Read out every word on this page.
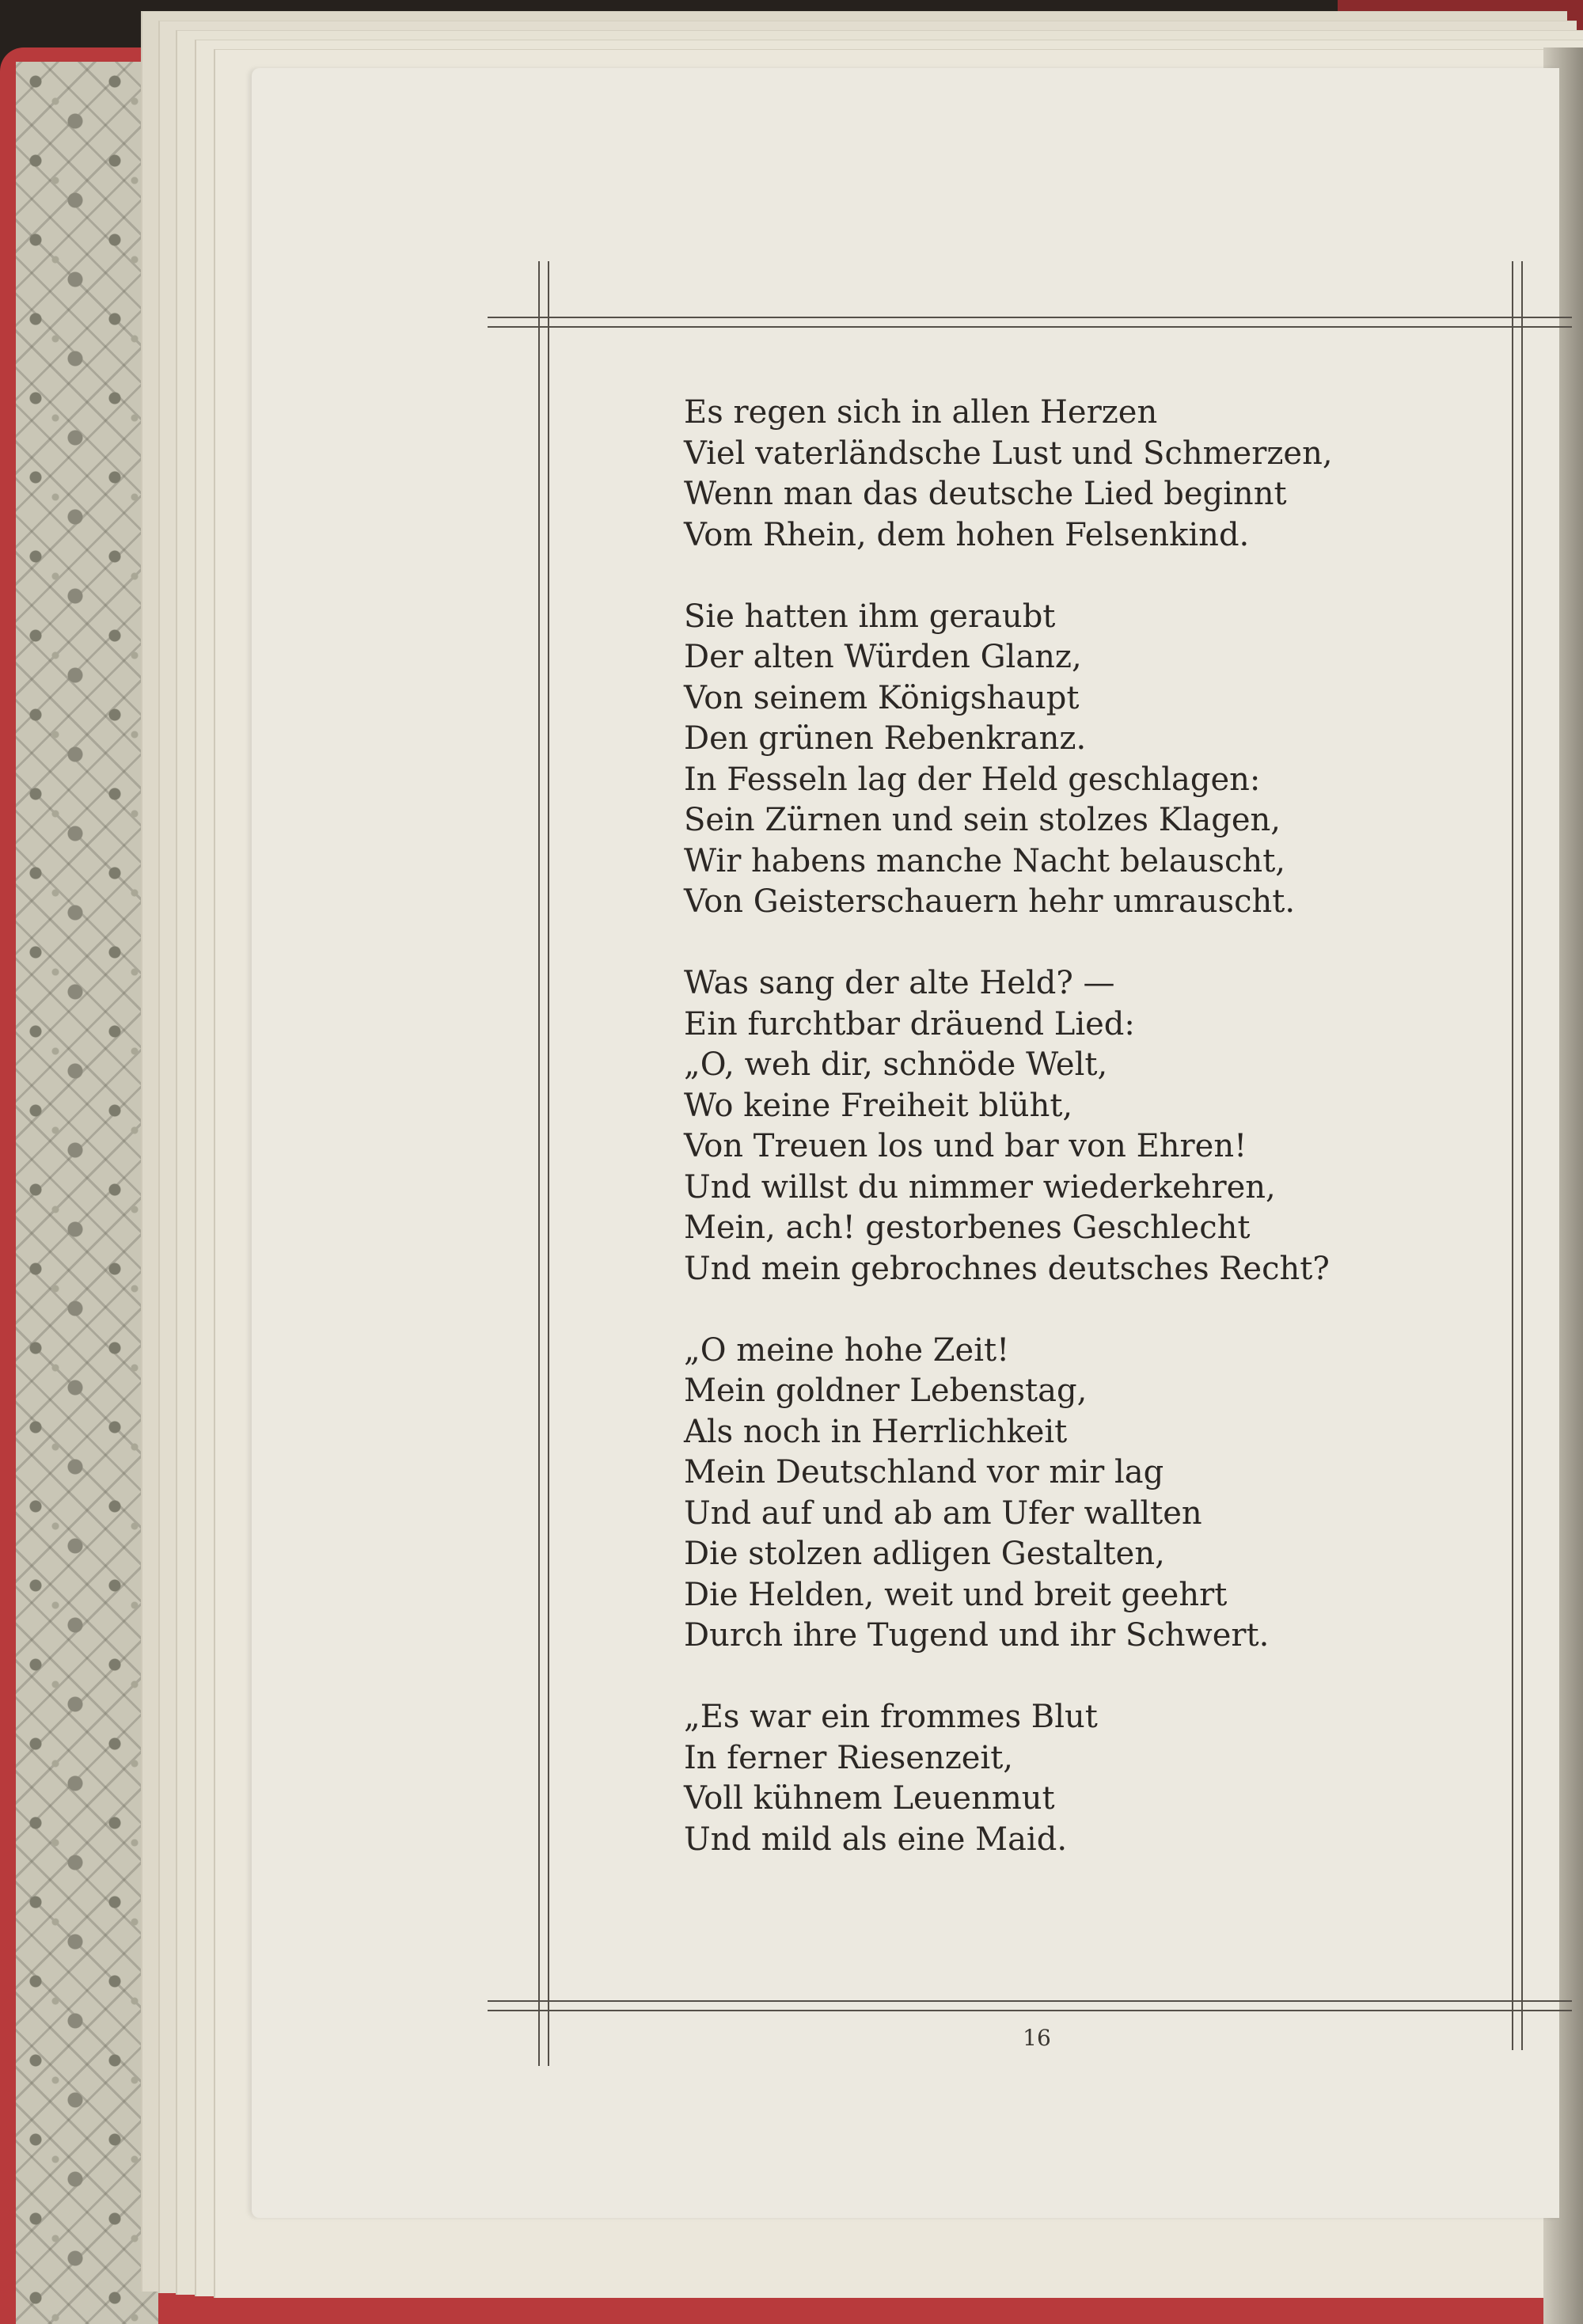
Es regen sich in allen Herzen
Viel vaterländsche Lust und Schmerzen,
Wenn man das deutsche Lied beginnt
Vom Rhein, dem hohen Felsenkind.
Sie hatten ihm geraubt
Der alten Würden Glanz,
Von seinem Königshaupt
Den grünen Rebenkranz.
In Fesseln lag der Held geschlagen:
Sein Zürnen und sein stolzes Klagen,
Wir habens manche Nacht belauscht,
Von Geisterschauern hehr umrauscht.
Was sang der alte Held? —
Ein furchtbar dräuend Lied:
„O, weh dir, schnöde Welt,
Wo keine Freiheit blüht,
Von Treuen los und bar von Ehren!
Und willst du nimmer wiederkehren,
Mein, ach! gestorbenes Geschlecht
Und mein gebrochnes deutsches Recht?
„O meine hohe Zeit!
Mein goldner Lebenstag,
Als noch in Herrlichkeit
Mein Deutschland vor mir lag
Und auf und ab am Ufer wallten
Die stolzen adligen Gestalten,
Die Helden, weit und breit geehrt
Durch ihre Tugend und ihr Schwert.
„Es war ein frommes Blut
In ferner Riesenzeit,
Voll kühnem Leuenmut
Und mild als eine Maid.
16
